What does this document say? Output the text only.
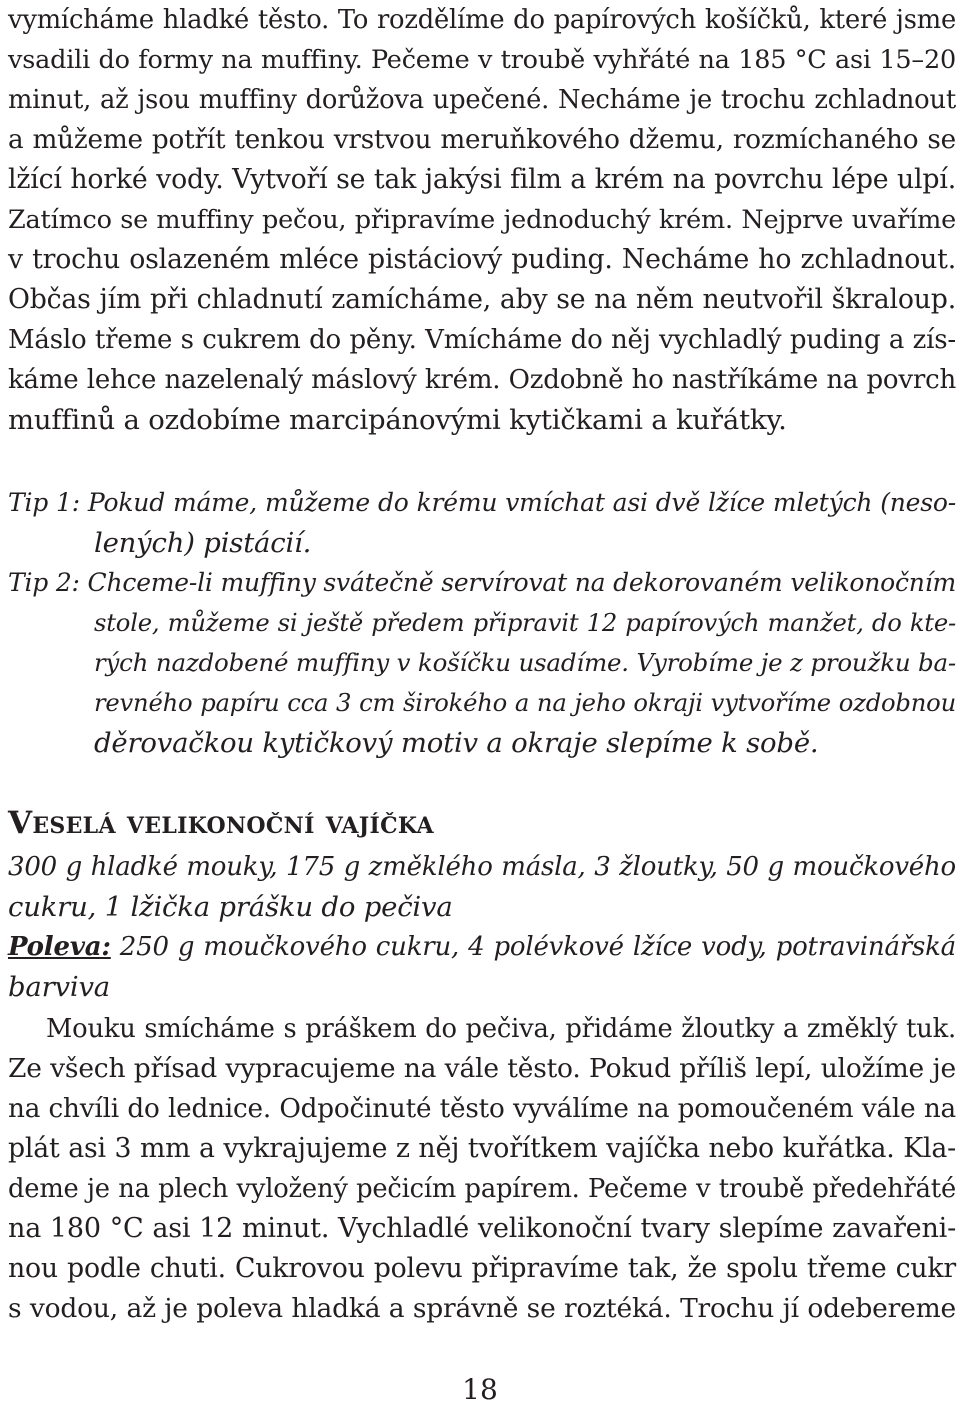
vymícháme hladké těsto. To rozdělíme do papírových košíčků, které jsme
vsadili do formy na muffiny. Pečeme v troubě vyhřáté na 185 °C asi 15–20
minut, až jsou muffiny dorůžova upečené. Necháme je trochu zchladnout
a můžeme potřít tenkou vrstvou meruňkového džemu, rozmíchaného se
lžící horké vody. Vytvoří se tak jakýsi film a krém na povrchu lépe ulpí.
Zatímco se muffiny pečou, připravíme jednoduchý krém. Nejprve uvaříme
v trochu oslazeném mléce pistáciový puding. Necháme ho zchladnout.
Občas jím při chladnutí zamícháme, aby se na něm neutvořil škraloup.
Máslo třeme s cukrem do pěny. Vmícháme do něj vychladlý puding a zís-
káme lehce nazelenalý máslový krém. Ozdobně ho nastříkáme na povrch
muffinů a ozdobíme marcipánovými kytičkami a kuřátky.
Tip 1: Pokud máme, můžeme do krému vmíchat asi dvě lžíce mletých (neso-
lených) pistácií.
Tip 2: Chceme-li muffiny svátečně servírovat na dekorovaném velikonočním
stole, můžeme si ještě předem připravit 12 papírových manžet, do kte-
rých nazdobené muffiny v košíčku usadíme. Vyrobíme je z proužku ba-
revného papíru cca 3 cm širokého a na jeho okraji vytvoříme ozdobnou
děrovačkou kytičkový motiv a okraje slepíme k sobě.
Veselá velikonoční vajíčka
300 g hladké mouky, 175 g změklého másla, 3 žloutky, 50 g moučkového
cukru, 1 lžička prášku do pečiva
Poleva: 250 g moučkového cukru, 4 polévkové lžíce vody, potravinářská
barviva
Mouku smícháme s práškem do pečiva, přidáme žloutky a změklý tuk.
Ze všech přísad vypracujeme na vále těsto. Pokud příliš lepí, uložíme je
na chvíli do lednice. Odpočinuté těsto vyválíme na pomoučeném vále na
plát asi 3 mm a vykrajujeme z něj tvořítkem vajíčka nebo kuřátka. Kla-
deme je na plech vyložený pečicím papírem. Pečeme v troubě předehřáté
na 180 °C asi 12 minut. Vychladlé velikonoční tvary slepíme zavařeni-
nou podle chuti. Cukrovou polevu připravíme tak, že spolu třeme cukr
s vodou, až je poleva hladká a správně se roztéká. Trochu jí odebereme
18
